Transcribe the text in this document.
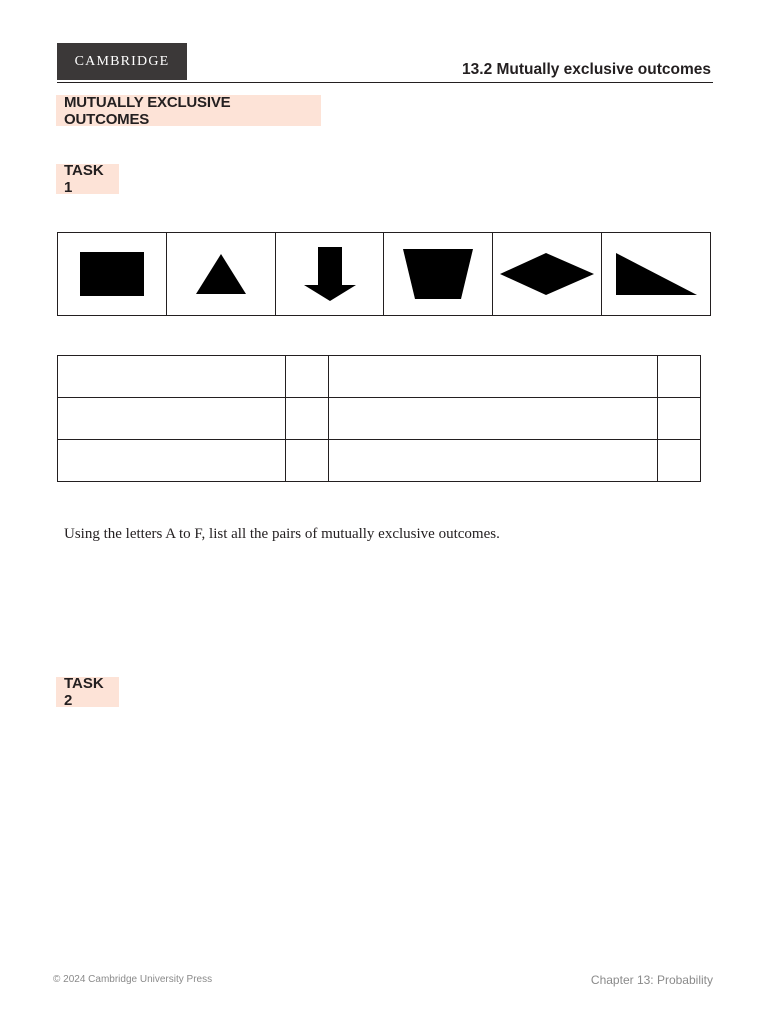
CAMBRIDGE	13.2 Mutually exclusive outcomes
MUTUALLY EXCLUSIVE OUTCOMES
TASK 1

Using the letters A to F, list all the pairs of mutually exclusive outcomes.
TASK 2
© 2024 Cambridge University Press	Chapter 13: Probability
